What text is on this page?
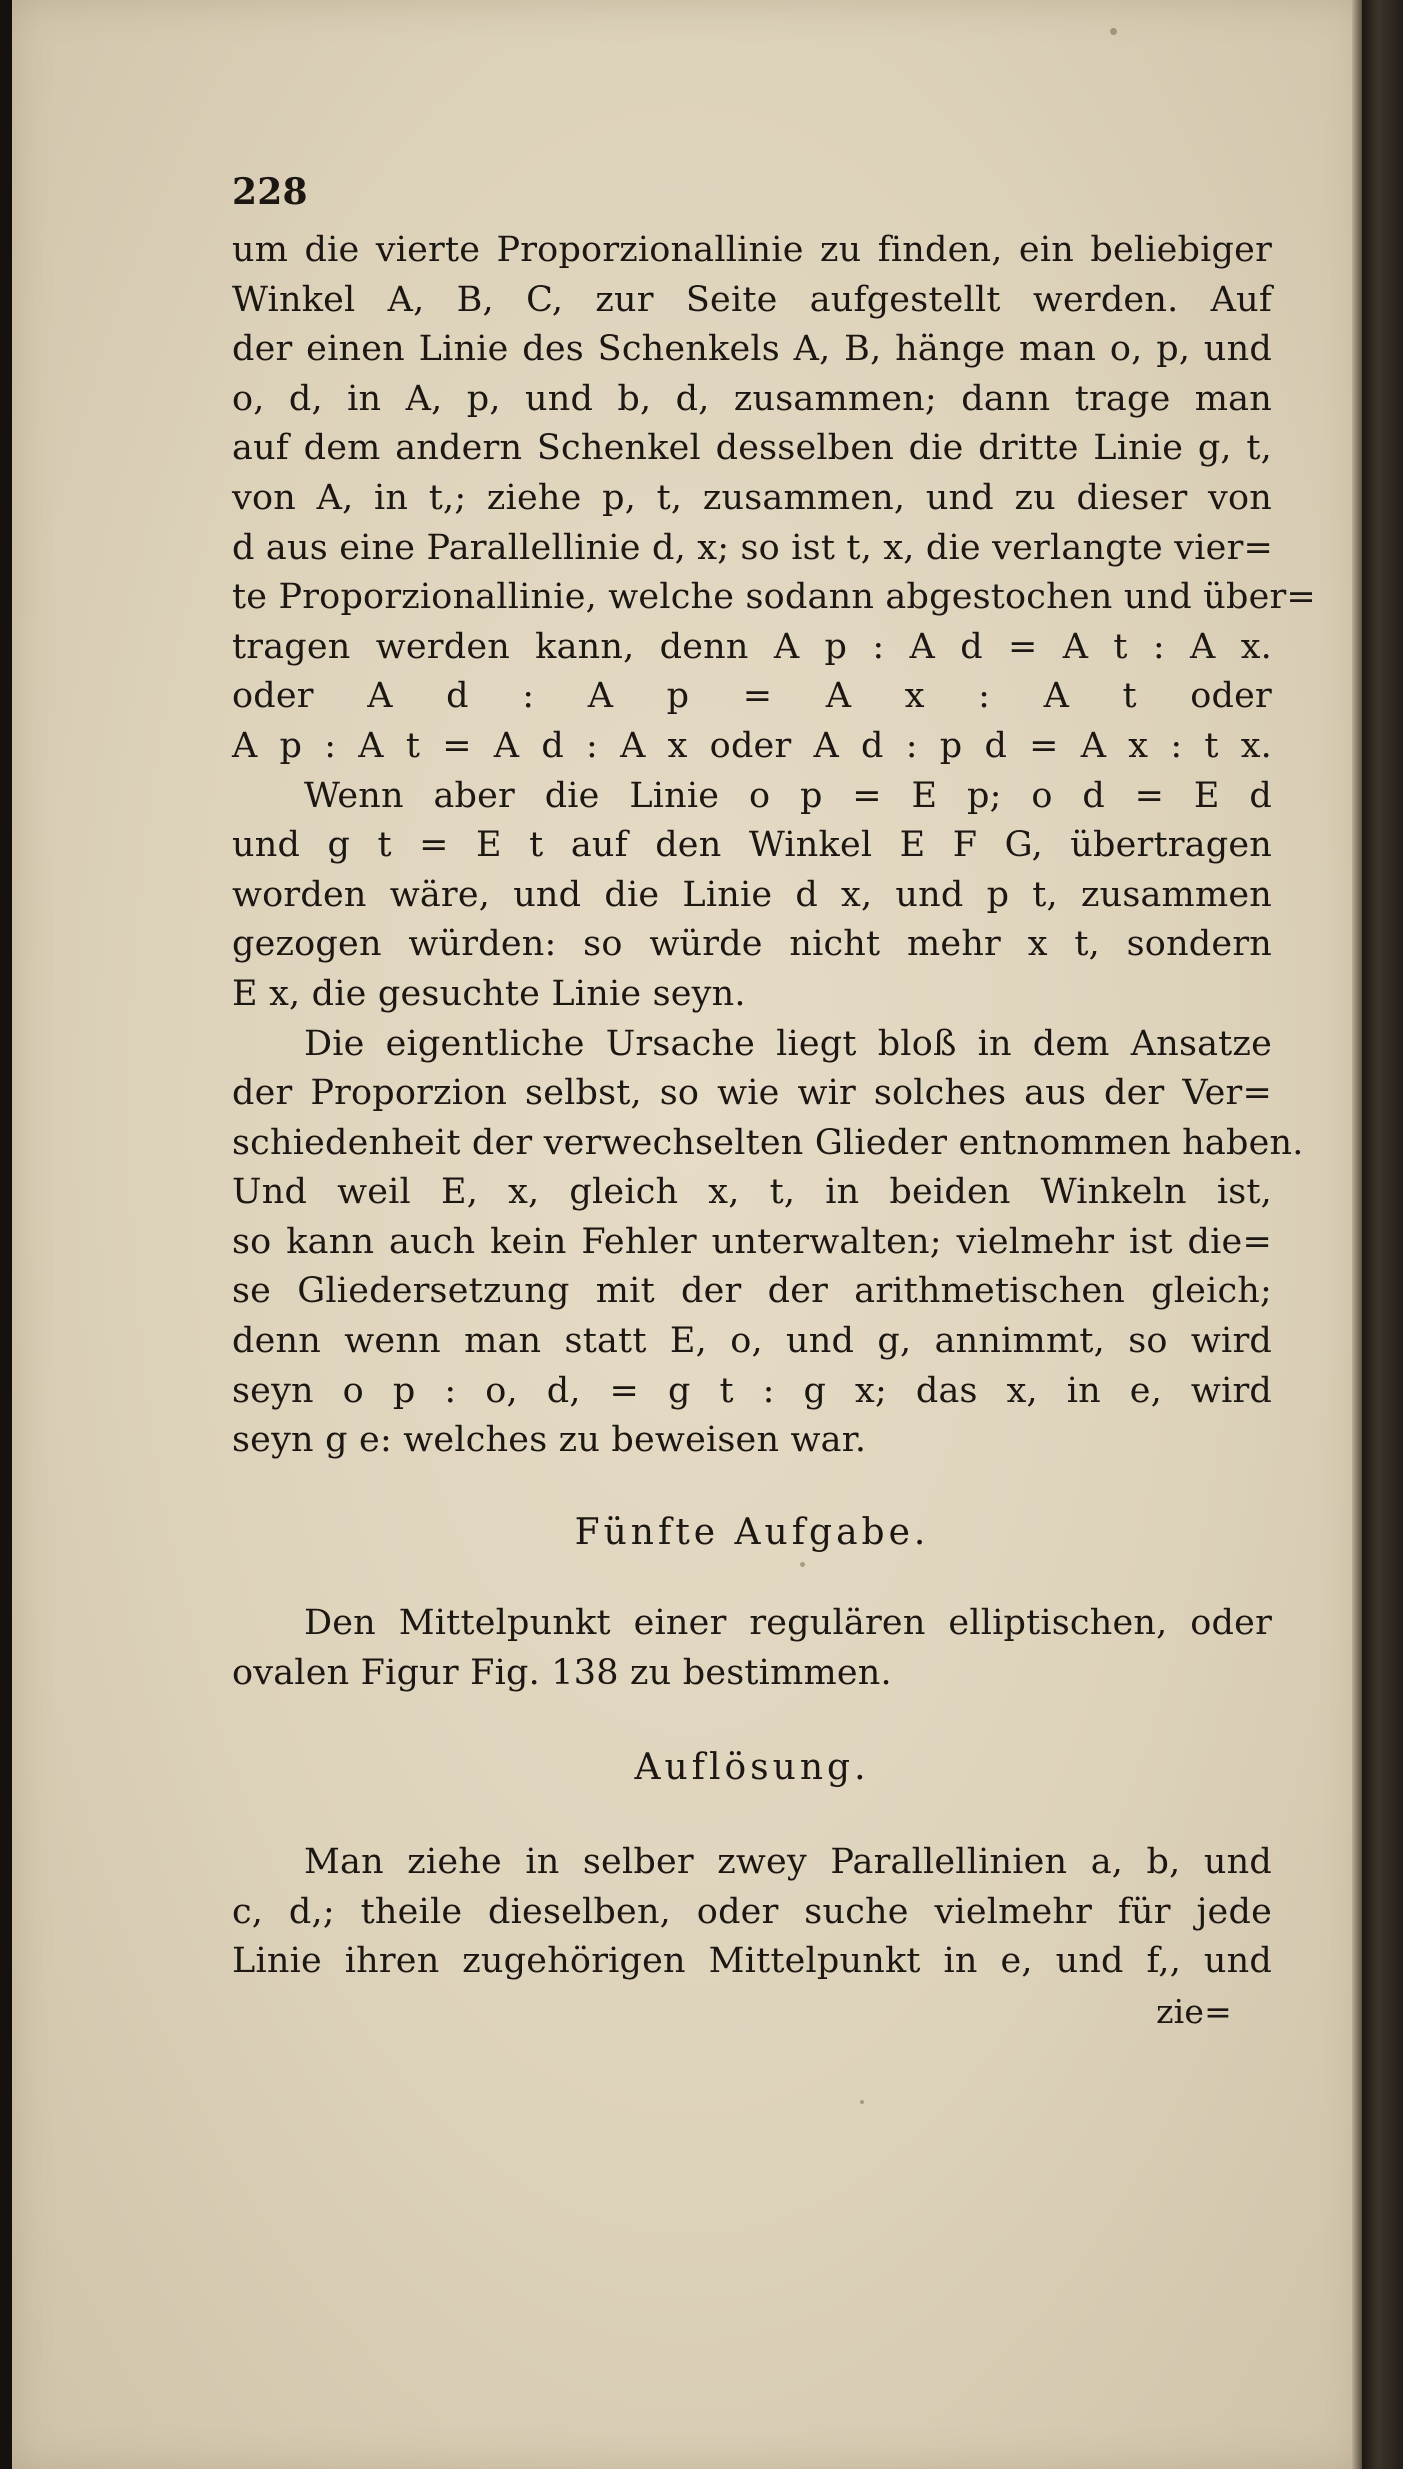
228
um die vierte Proporzionallinie zu finden, ein beliebiger
Winkel A, B, C, zur Seite aufgestellt werden. Auf
der einen Linie des Schenkels A, B, hänge man o, p, und
o, d, in A, p, und b, d, zusammen; dann trage man
auf dem andern Schenkel desselben die dritte Linie g, t,
von A, in t,; ziehe p, t, zusammen, und zu dieser von
d aus eine Parallellinie d, x; so ist t, x, die verlangte vier=
te Proporzionallinie, welche sodann abgestochen und über=
tragen werden kann, denn A p : A d = A t : A x.
oder A d : A p = A x : A t oder
A p : A t = A d : A x oder A d : p d = A x : t x.
Wenn aber die Linie o p = E p; o d = E d
und g t = E t auf den Winkel E F G, übertragen
worden wäre, und die Linie d x, und p t, zusammen
gezogen würden: so würde nicht mehr x t, sondern
E x, die gesuchte Linie seyn.
Die eigentliche Ursache liegt bloß in dem Ansatze
der Proporzion selbst, so wie wir solches aus der Ver=
schiedenheit der verwechselten Glieder entnommen haben.
Und weil E, x, gleich x, t, in beiden Winkeln ist,
so kann auch kein Fehler unterwalten; vielmehr ist die=
se Gliedersetzung mit der der arithmetischen gleich;
denn wenn man statt E, o, und g, annimmt, so wird
seyn o p : o, d, = g t : g x; das x, in e, wird
seyn g e: welches zu beweisen war.
Fünfte Aufgabe.
Den Mittelpunkt einer regulären elliptischen, oder
ovalen Figur Fig. 138 zu bestimmen.
Auflösung.
Man ziehe in selber zwey Parallellinien a, b, und
c, d,; theile dieselben, oder suche vielmehr für jede
Linie ihren zugehörigen Mittelpunkt in e, und f,, und
zie=
